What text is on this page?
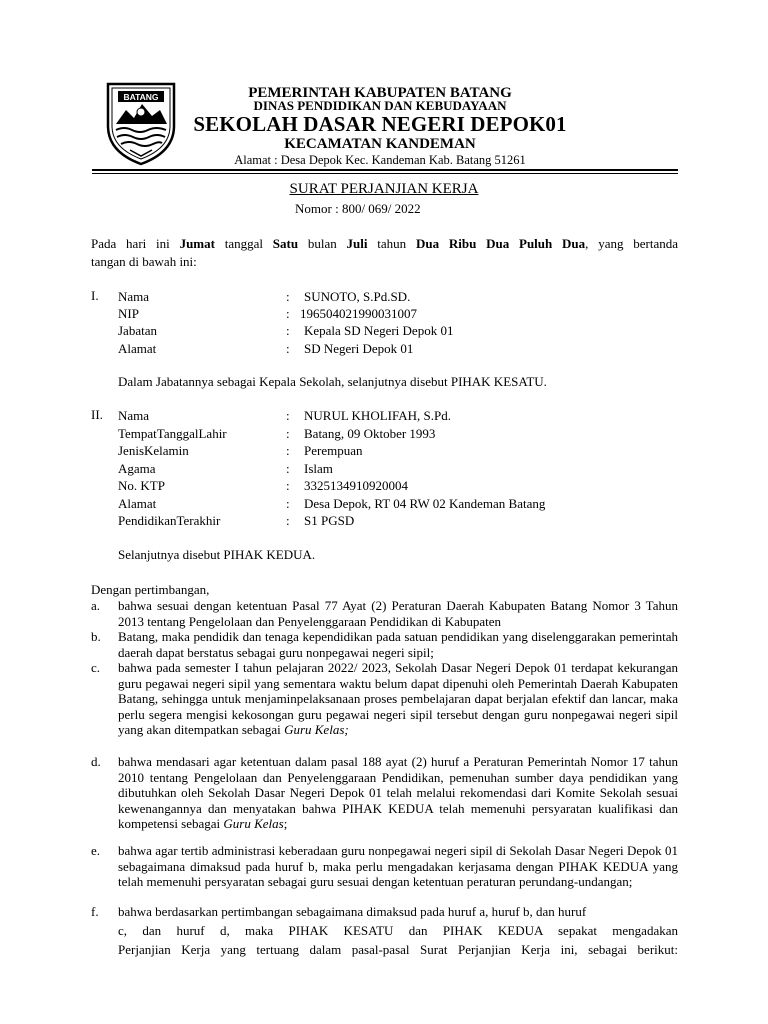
BATANG	PEMERINTAH KABUPATEN BATANG
DINAS PENDIDIKAN DAN KEBUDAYAAN
SEKOLAH DASAR NEGERI DEPOK01
KECAMATAN KANDEMAN
Alamat : Desa Depok Kec. Kandeman Kab. Batang 51261
SURAT PERJANJIAN KERJA
Nomor : 800/ 069/ 2022
Pada hari ini Jumat tanggal Satu bulan Juli tahun Dua Ribu Dua Puluh Dua, yang bertanda
tangan di bawah ini:
I. Nama	: SUNOTO, S.Pd.SD.
NIP	: 196504021990031007
Jabatan	: Kepala SD Negeri Depok 01
Alamat	: SD Negeri Depok 01
Dalam Jabatannya sebagai Kepala Sekolah, selanjutnya disebut PIHAK KESATU.
II. Nama	: NURUL KHOLIFAH, S.Pd.
TempatTanggalLahir	: Batang, 09 Oktober 1993
JenisKelamin	: Perempuan
Agama	: Islam
No. KTP	: 3325134910920004
Alamat	: Desa Depok, RT 04 RW 02 Kandeman Batang
PendidikanTerakhir	: S1 PGSD
Selanjutnya disebut PIHAK KEDUA.
Dengan pertimbangan,
a. bahwa sesuai dengan ketentuan Pasal 77 Ayat (2) Peraturan Daerah Kabupaten Batang Nomor 3 Tahun 2013 tentang Pengelolaan dan Penyelenggaraan Pendidikan di Kabupaten
b. Batang, maka pendidik dan tenaga kependidikan pada satuan pendidikan yang diselenggarakan pemerintah daerah dapat berstatus sebagai guru nonpegawai negeri sipil;
c. bahwa pada semester I tahun pelajaran 2022/ 2023, Sekolah Dasar Negeri Depok 01 terdapat kekurangan guru pegawai negeri sipil yang sementara waktu belum dapat dipenuhi oleh Pemerintah Daerah Kabupaten Batang, sehingga untuk menjaminpelaksanaan proses pembelajaran dapat berjalan efektif dan lancar, maka perlu segera mengisi kekosongan guru pegawai negeri sipil tersebut dengan guru nonpegawai negeri sipil yang akan ditempatkan sebagai Guru Kelas;
d. bahwa mendasari agar ketentuan dalam pasal 188 ayat (2) huruf a Peraturan Pemerintah Nomor 17 tahun 2010 tentang Pengelolaan dan Penyelenggaraan Pendidikan, pemenuhan sumber daya pendidikan yang dibutuhkan oleh Sekolah Dasar Negeri Depok 01 telah melalui rekomendasi dari Komite Sekolah sesuai kewenangannya dan menyatakan bahwa PIHAK KEDUA telah memenuhi persyaratan kualifikasi dan kompetensi sebagai Guru Kelas;
e. bahwa agar tertib administrasi keberadaan guru nonpegawai negeri sipil di Sekolah Dasar Negeri Depok 01 sebagaimana dimaksud pada huruf b, maka perlu mengadakan kerjasama dengan PIHAK KEDUA yang telah memenuhi persyaratan sebagai guru sesuai dengan ketentuan peraturan perundang-undangan;
f. bahwa berdasarkan pertimbangan sebagaimana dimaksud pada huruf a, huruf b, dan huruf
c, dan huruf d, maka PIHAK KESATU dan PIHAK KEDUA sepakat mengadakan
Perjanjian Kerja yang tertuang dalam pasal-pasal Surat Perjanjian Kerja ini, sebagai berikut:
